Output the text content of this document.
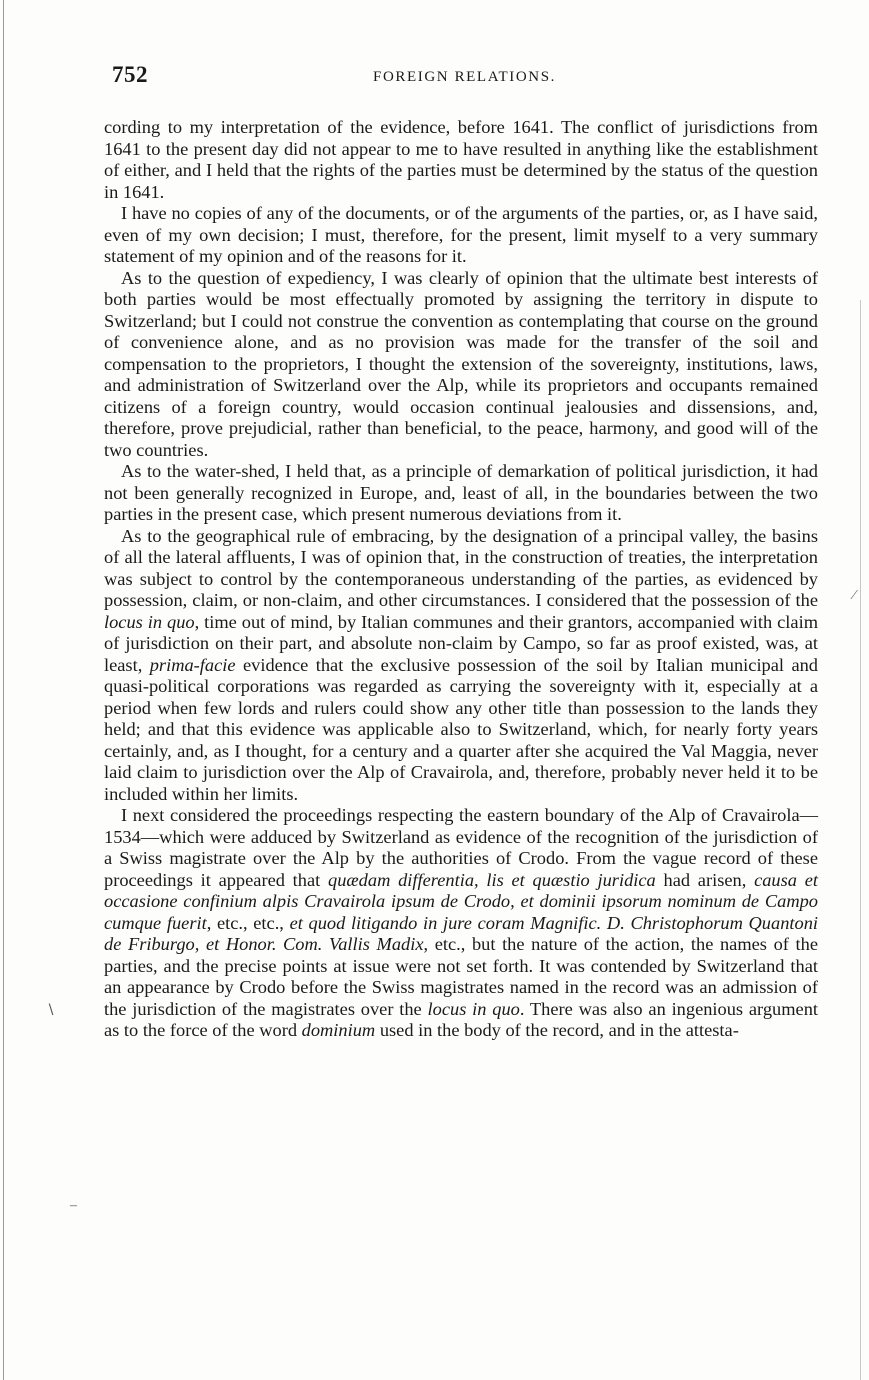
752	FOREIGN RELATIONS.

cording to my interpretation of the evidence, before 1641. The conflict of jurisdictions from 1641 to the present day did not appear to me to have resulted in anything like the establishment of either, and I held that the rights of the parties must be determined by the status of the question in 1641.

I have no copies of any of the documents, or of the arguments of the parties, or, as I have said, even of my own decision; I must, therefore, for the present, limit myself to a very summary statement of my opinion and of the reasons for it.

As to the question of expediency, I was clearly of opinion that the ultimate best interests of both parties would be most effectually promoted by assigning the territory in dispute to Switzerland; but I could not construe the convention as contemplating that course on the ground of convenience alone, and as no provision was made for the transfer of the soil and compensation to the proprietors, I thought the extension of the sovereignty, institutions, laws, and administration of Switzerland over the Alp, while its proprietors and occupants remained citizens of a foreign country, would occasion continual jealousies and dissensions, and, therefore, prove prejudicial, rather than beneficial, to the peace, harmony, and good will of the two countries.

As to the water-shed, I held that, as a principle of demarkation of political jurisdiction, it had not been generally recognized in Europe, and, least of all, in the boundaries between the two parties in the present case, which present numerous deviations from it.

As to the geographical rule of embracing, by the designation of a principal valley, the basins of all the lateral affluents, I was of opinion that, in the construction of treaties, the interpretation was subject to control by the contemporaneous understanding of the parties, as evidenced by possession, claim, or non-claim, and other circumstances. I considered that the possession of the locus in quo, time out of mind, by Italian communes and their grantors, accompanied with claim of jurisdiction on their part, and absolute non-claim by Campo, so far as proof existed, was, at least, prima-facie evidence that the exclusive possession of the soil by Italian municipal and quasi-political corporations was regarded as carrying the sovereignty with it, especially at a period when few lords and rulers could show any other title than possession to the lands they held; and that this evidence was applicable also to Switzerland, which, for nearly forty years certainly, and, as I thought, for a century and a quarter after she acquired the Val Maggia, never laid claim to jurisdiction over the Alp of Cravairola, and, therefore, probably never held it to be included within her limits.

I next considered the proceedings respecting the eastern boundary of the Alp of Cravairola—1534—which were adduced by Switzerland as evidence of the recognition of the jurisdiction of a Swiss magistrate over the Alp by the authorities of Crodo. From the vague record of these proceedings it appeared that quædam differentia, lis et quæstio juridica had arisen, causa et occasione confinium alpis Cravairola ipsum de Crodo, et dominii ipsorum nominum de Campo cumque fuerit, etc., etc., et quod litigando in jure coram Magnific. D. Christophorum Quantoni de Friburgo, et Honor. Com. Vallis Madix, etc., but the nature of the action, the names of the parties, and the precise points at issue were not set forth. It was contended by Switzerland that an appearance by Crodo before the Swiss magistrates named in the record was an admission of the jurisdiction of the magistrates over the locus in quo. There was also an ingenious argument as to the force of the word dominium used in the body of the record, and in the attesta-

⁄
∖
–
